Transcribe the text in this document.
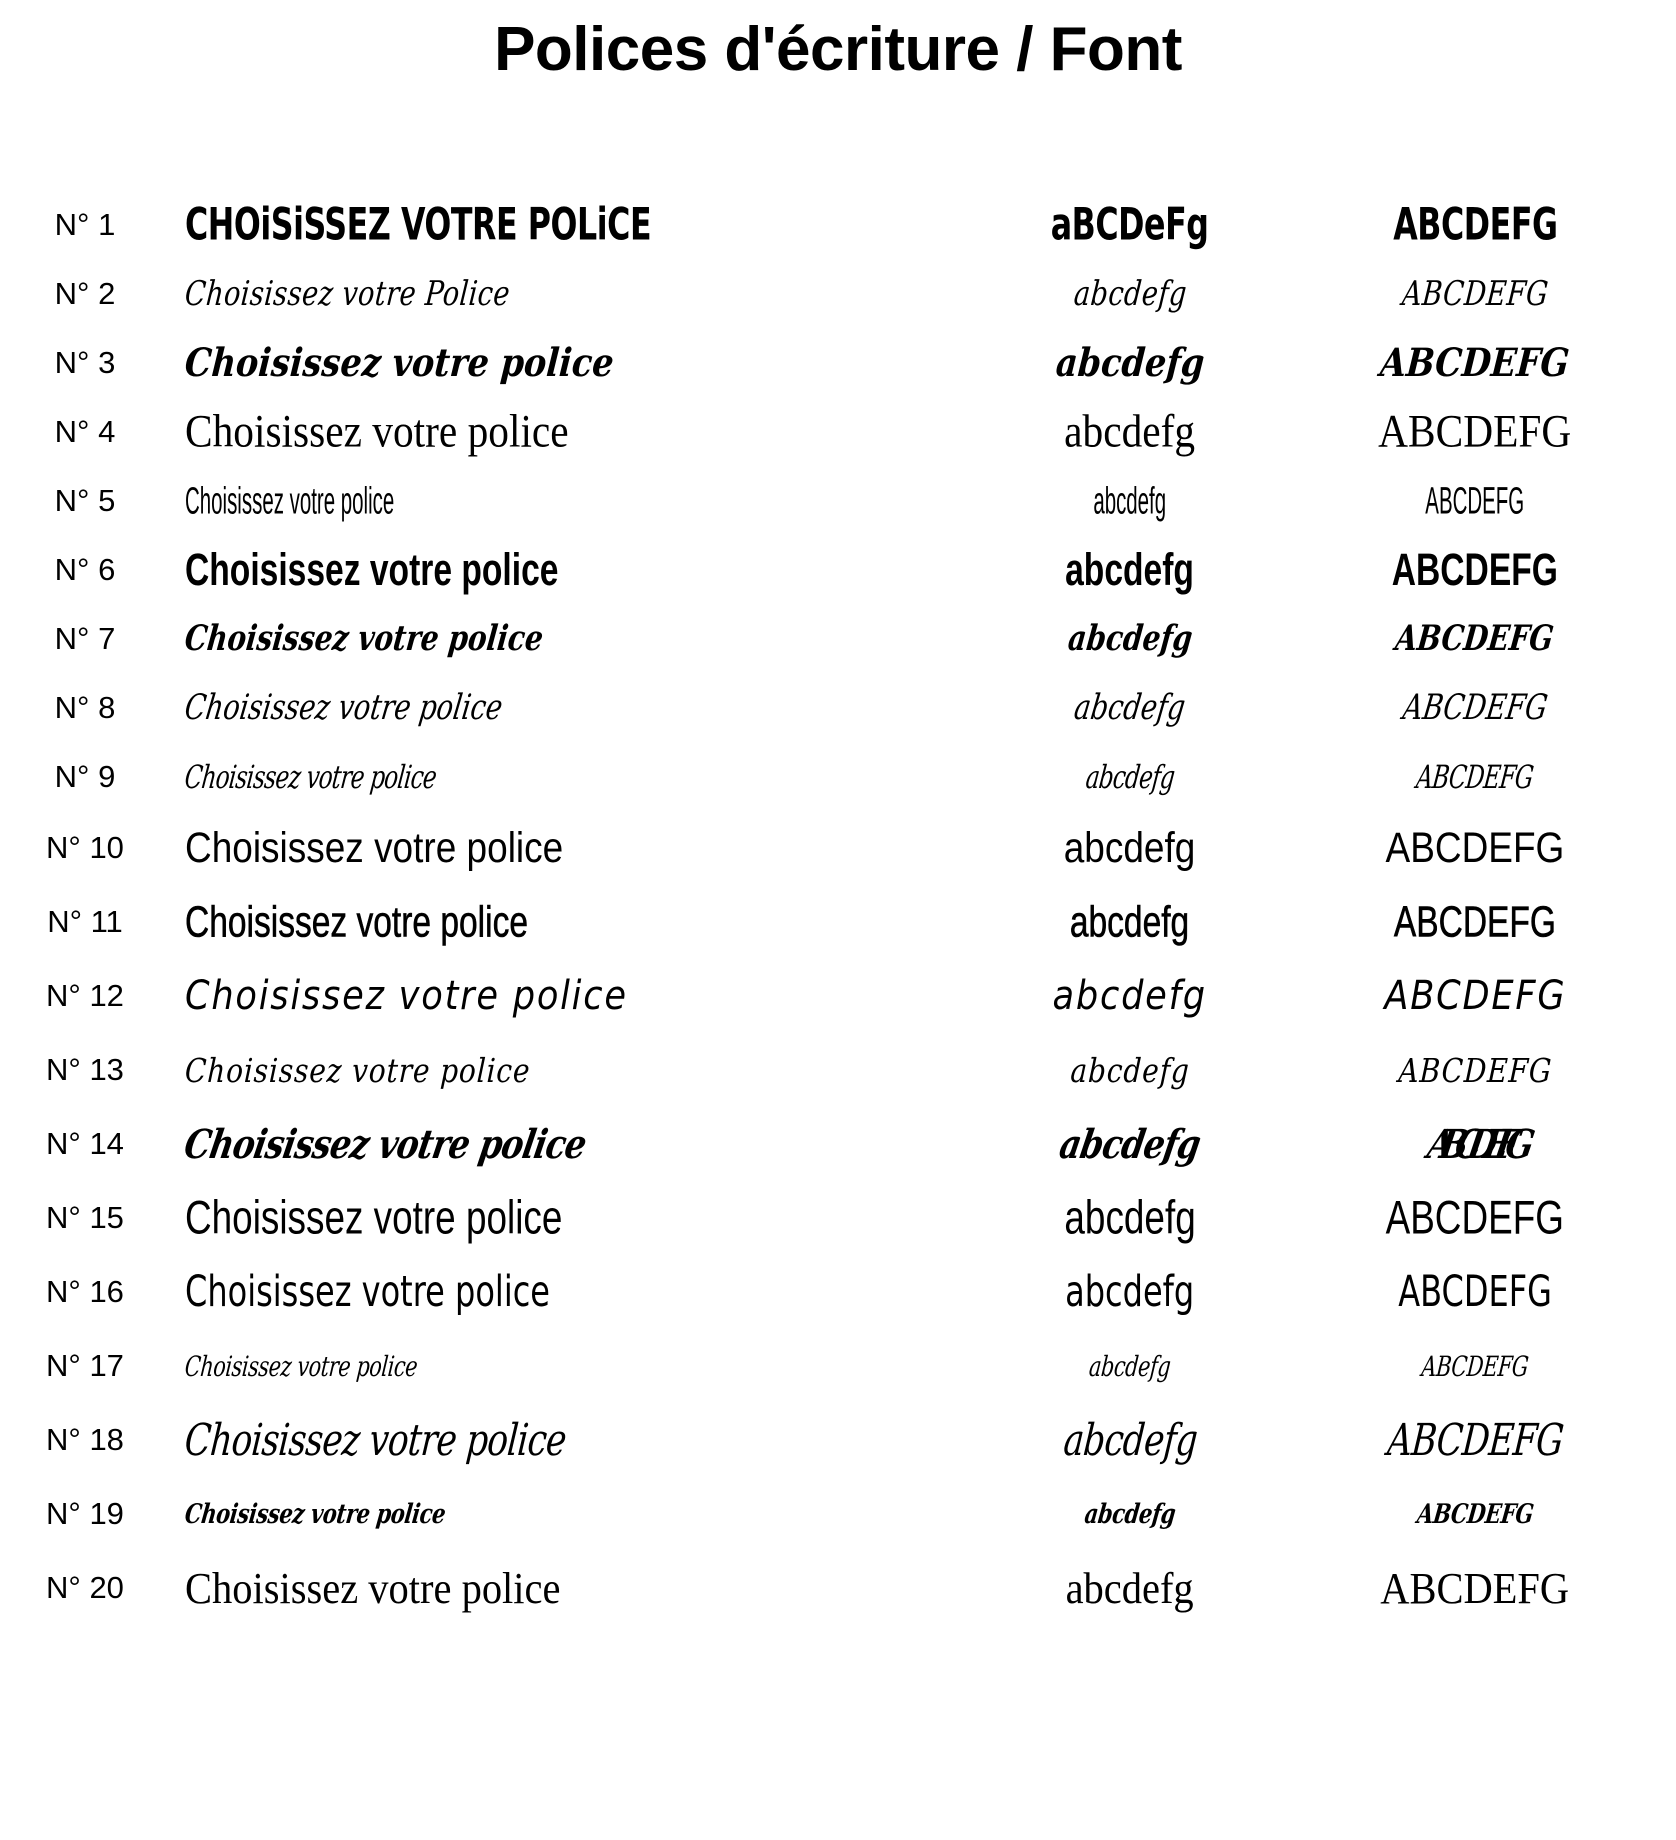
Polices d'écriture / Font
N° 1 CHOiSiSSEZ VOTRE POLiCE	aBCDeFg	ABCDEFG
N° 2 Choisissez votre Police	abcdefg	ABCDEFG
N° 3 Choisissez votre police	abcdefg	ABCDEFG
N° 4 Choisissez votre police	abcdefg	ABCDEFG
N° 5 Choisissez votre police	abcdefg	ABCDEFG
N° 6 Choisissez votre police	abcdefg	ABCDEFG
N° 7 Choisissez votre police	abcdefg	ABCDEFG
N° 8 Choisissez votre police	abcdefg	ABCDEFG
N° 9 Choisissez votre police	abcdefg	ABCDEFG
N° 10 Choisissez votre police	abcdefg	ABCDEFG
N° 11 Choisissez votre police	abcdefg	ABCDEFG
N° 12 Choisissez votre police	abcdefg	ABCDEFG
N° 13 Choisissez votre police	abcdefg	ABCDEFG
N° 14 Choisissez votre police	abcdefg	ABCDEFG
N° 15 Choisissez votre police	abcdefg	ABCDEFG
N° 16 Choisissez votre police	abcdefg	ABCDEFG
N° 17 Choisissez votre police	abcdefg	ABCDEFG
N° 18 Choisissez votre police	abcdefg	ABCDEFG
N° 19 Choisissez votre police	abcdefg	ABCDEFG
N° 20 Choisissez votre police	abcdefg	ABCDEFG
